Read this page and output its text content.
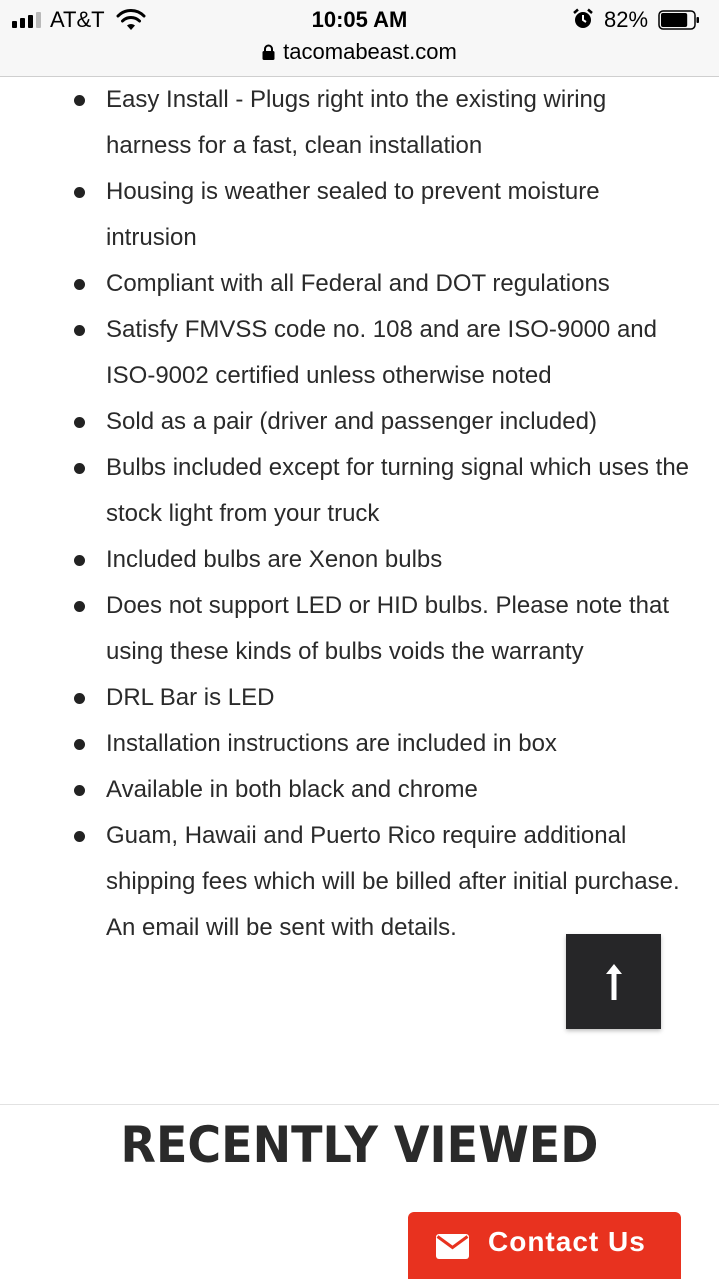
AT&T	10:05 AM	82%
tacomabeast.com
Easy Install - Plugs right into the existing wiring harness for a fast, clean installation
Housing is weather sealed to prevent moisture intrusion
Compliant with all Federal and DOT regulations
Satisfy FMVSS code no. 108 and are ISO-9000 and ISO-9002 certified unless otherwise noted
Sold as a pair (driver and passenger included)
Bulbs included except for turning signal which uses the stock light from your truck
Included bulbs are Xenon bulbs
Does not support LED or HID bulbs. Please note that using these kinds of bulbs voids the warranty
DRL Bar is LED
Installation instructions are included in box
Available in both black and chrome
Guam, Hawaii and Puerto Rico require additional shipping fees which will be billed after initial purchase. An email will be sent with details.
RECENTLY VIEWED
Contact Us
